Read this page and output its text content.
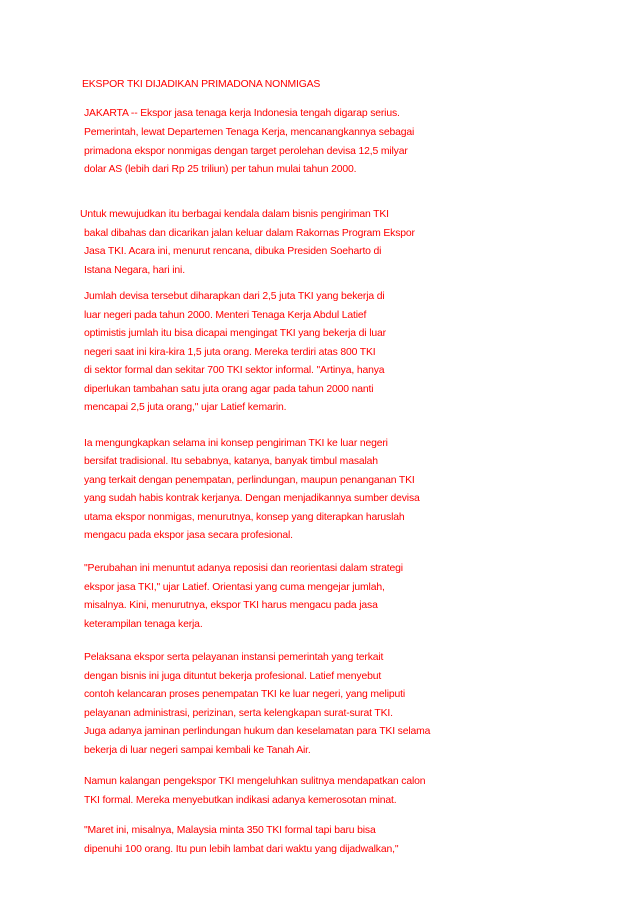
EKSPOR TKI DIJADIKAN PRIMADONA NONMIGAS
JAKARTA -- Ekspor jasa tenaga kerja Indonesia tengah digarap serius.
Pemerintah, lewat Departemen Tenaga Kerja, mencanangkannya sebagai
primadona ekspor nonmigas dengan target perolehan devisa 12,5 milyar
dolar AS (lebih dari Rp 25 triliun) per tahun mulai tahun 2000.
Untuk mewujudkan itu berbagai kendala dalam bisnis pengiriman TKI
bakal dibahas dan dicarikan jalan keluar dalam Rakornas Program Ekspor
Jasa TKI. Acara ini, menurut rencana, dibuka Presiden Soeharto di
Istana Negara, hari ini.
Jumlah devisa tersebut diharapkan dari 2,5 juta TKI yang bekerja di
luar negeri pada tahun 2000. Menteri Tenaga Kerja Abdul Latief
optimistis jumlah itu bisa dicapai mengingat TKI yang bekerja di luar
negeri saat ini kira-kira 1,5 juta orang. Mereka terdiri atas 800 TKI
di sektor formal dan sekitar 700 TKI sektor informal. "Artinya, hanya
diperlukan tambahan satu juta orang agar pada tahun 2000 nanti
mencapai 2,5 juta orang," ujar Latief kemarin.
Ia mengungkapkan selama ini konsep pengiriman TKI ke luar negeri
bersifat tradisional. Itu sebabnya, katanya, banyak timbul masalah
yang terkait dengan penempatan, perlindungan, maupun penanganan TKI
yang sudah habis kontrak kerjanya. Dengan menjadikannya sumber devisa
utama ekspor nonmigas, menurutnya, konsep yang diterapkan haruslah
mengacu pada ekspor jasa secara profesional.
"Perubahan ini menuntut adanya reposisi dan reorientasi dalam strategi
ekspor jasa TKI," ujar Latief. Orientasi yang cuma mengejar jumlah,
misalnya. Kini, menurutnya, ekspor TKI harus mengacu pada jasa
keterampilan tenaga kerja.
Pelaksana ekspor serta pelayanan instansi pemerintah yang terkait
dengan bisnis ini juga dituntut bekerja profesional. Latief menyebut
contoh kelancaran proses penempatan TKI ke luar negeri, yang meliputi
pelayanan administrasi, perizinan, serta kelengkapan surat-surat TKI.
Juga adanya jaminan perlindungan hukum dan keselamatan para TKI selama
bekerja di luar negeri sampai kembali ke Tanah Air.
Namun kalangan pengekspor TKI mengeluhkan sulitnya mendapatkan calon
TKI formal. Mereka menyebutkan indikasi adanya kemerosotan minat.
"Maret ini, misalnya, Malaysia minta 350 TKI formal tapi baru bisa
dipenuhi 100 orang. Itu pun lebih lambat dari waktu yang dijadwalkan,"
